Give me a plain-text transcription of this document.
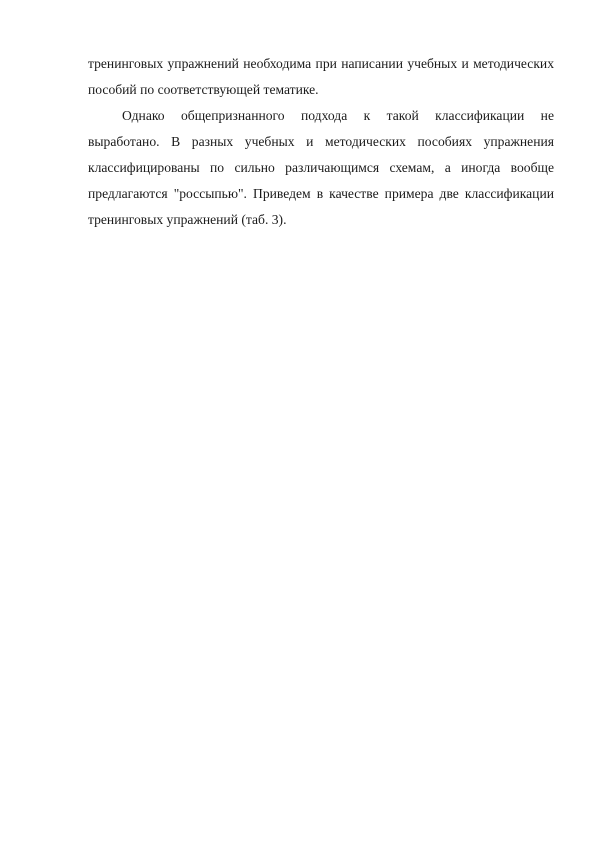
тренинговых упражнений необходима при написании учебных и методических
пособий по соответствующей тематике.

Однако общепризнанного подхода к такой классификации не
выработано. В разных учебных и методических пособиях упражнения
классифицированы по сильно различающимся схемам, а иногда вообще
предлагаются "россыпью". Приведем в качестве примера две классификации
тренинговых упражнений (таб. 3).
